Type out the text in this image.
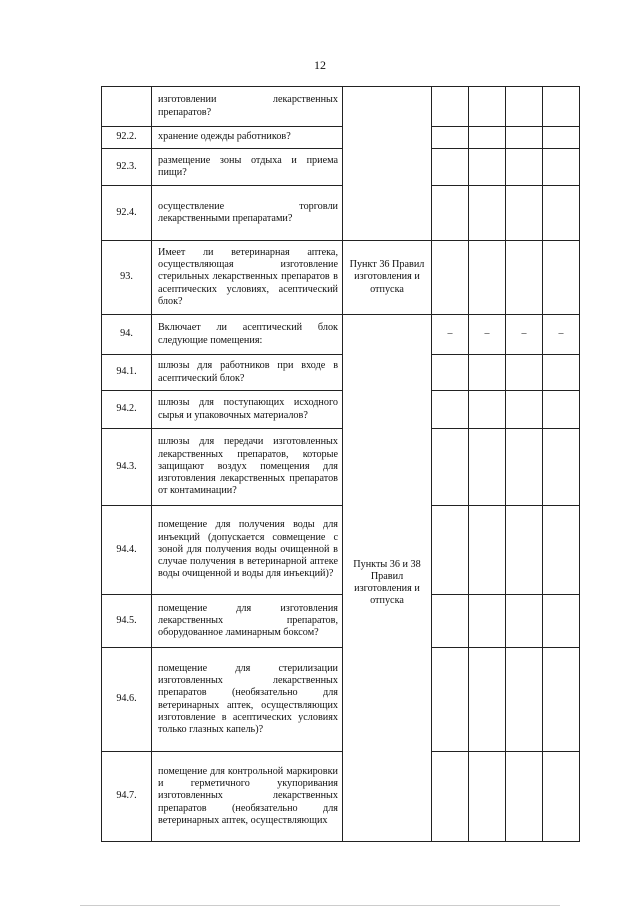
12
	изготовлении лекарственных препаратов?					
92.2.	хранение одежды работников?					
92.3.	размещение зоны отдыха и приема пищи?					
92.4.	осуществление торговли лекарственными препаратами?					
93.	Имеет ли ветеринарная аптека, осуществляющая изготовление стерильных лекарственных препаратов в асептических условиях, асептический блок?	Пункт 36 Правил изготовления и отпуска				
94.	Включает ли асептический блок следующие помещения:	Пункты 36 и 38 Правил изготовления и отпуска	–	–	–	–
94.1.	шлюзы для работников при входе в асептический блок?					
94.2.	шлюзы для поступающих исходного сырья и упаковочных материалов?					
94.3.	шлюзы для передачи изготовленных лекарственных препаратов, которые защищают воздух помещения для изготовления лекарственных препаратов от контаминации?					
94.4.	помещение для получения воды для инъекций (допускается совмещение с зоной для получения воды очищенной в случае получения в ветеринарной аптеке воды очищенной и воды для инъекций)?					
94.5.	помещение для изготовления лекарственных препаратов, оборудованное ламинарным боксом?					
94.6.	помещение для стерилизации изготовленных лекарственных препаратов (необязательно для ветеринарных аптек, осуществляющих изготовление в асептических условиях только глазных капель)?					
94.7.	помещение для контрольной маркировки и герметичного укупоривания изготовленных лекарственных препаратов (необязательно для ветеринарных аптек, осуществляющих					
